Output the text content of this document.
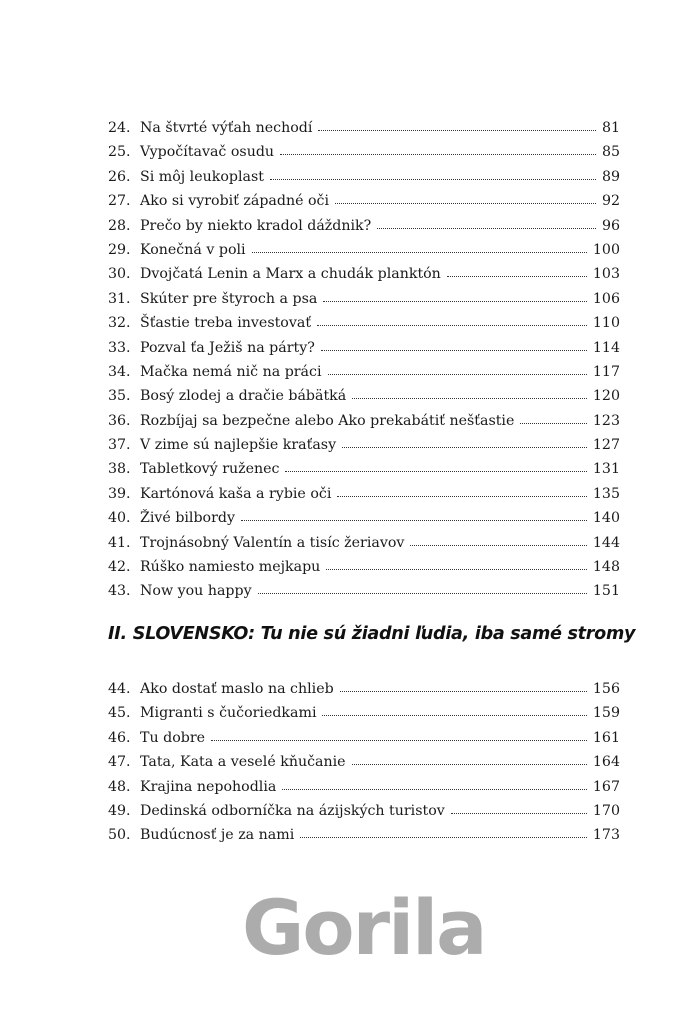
24. Na štvrté výťah nechodí	81
25. Vypočítavač osudu	85
26. Si môj leukoplast	89
27. Ako si vyrobiť západné oči	92
28. Prečo by niekto kradol dáždnik?	96
29. Konečná v poli	100
30. Dvojčatá Lenin a Marx a chudák planktón	103
31. Skúter pre štyroch a psa	106
32. Šťastie treba investovať	110
33. Pozval ťa Ježiš na párty?	114
34. Mačka nemá nič na práci	117
35. Bosý zlodej a dračie bábätká	120
36. Rozbíjaj sa bezpečne alebo Ako prekabátiť nešťastie	123
37. V zime sú najlepšie kraťasy	127
38. Tabletkový ruženec	131
39. Kartónová kaša a rybie oči	135
40. Živé bilbordy	140
41. Trojnásobný Valentín a tisíc žeriavov	144
42. Rúško namiesto mejkapu	148
43. Now you happy	151
II. SLOVENSKO: Tu nie sú žiadni ľudia, iba samé stromy
44. Ako dostať maslo na chlieb	156
45. Migranti s čučoriedkami	159
46. Tu dobre	161
47. Tata, Kata a veselé kňučanie	164
48. Krajina nepohodlia	167
49. Dedinská odborníčka na ázijských turistov	170
50. Budúcnosť je za nami	173
Gorila
